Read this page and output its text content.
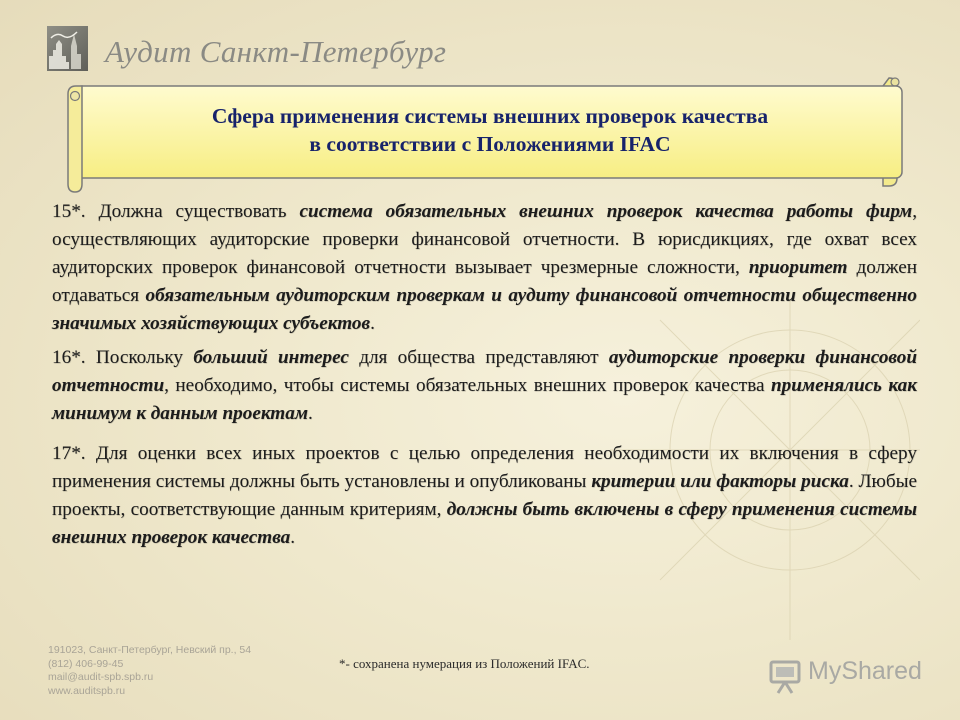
Аудит Санкт-Петербург
Сфера применения системы внешних проверок качества
в соответствии с Положениями IFAC

15*. Должна существовать система обязательных внешних проверок качества работы фирм, осуществляющих аудиторские проверки финансовой отчетности. В юрисдикциях, где охват всех аудиторских проверок финансовой отчетности вызывает чрезмерные сложности, приоритет должен отдаваться обязательным аудиторским проверкам и аудиту финансовой отчетности общественно значимых хозяйствующих субъектов.

16*. Поскольку больший интерес для общества представляют аудиторские проверки финансовой отчетности, необходимо, чтобы системы обязательных внешних проверок качества применялись как минимум к данным проектам.

17*. Для оценки всех иных проектов с целью определения необходимости их включения в сферу применения системы должны быть установлены и опубликованы критерии или факторы риска. Любые проекты, соответствующие данным критериям, должны быть включены в сферу применения системы внешних проверок качества.

191023, Санкт-Петербург, Невский пр., 54
(812) 406-99-45
mail@audit-spb.spb.ru
www.auditspb.ru
*- сохранена нумерация из Положений IFAC.	MyShared
